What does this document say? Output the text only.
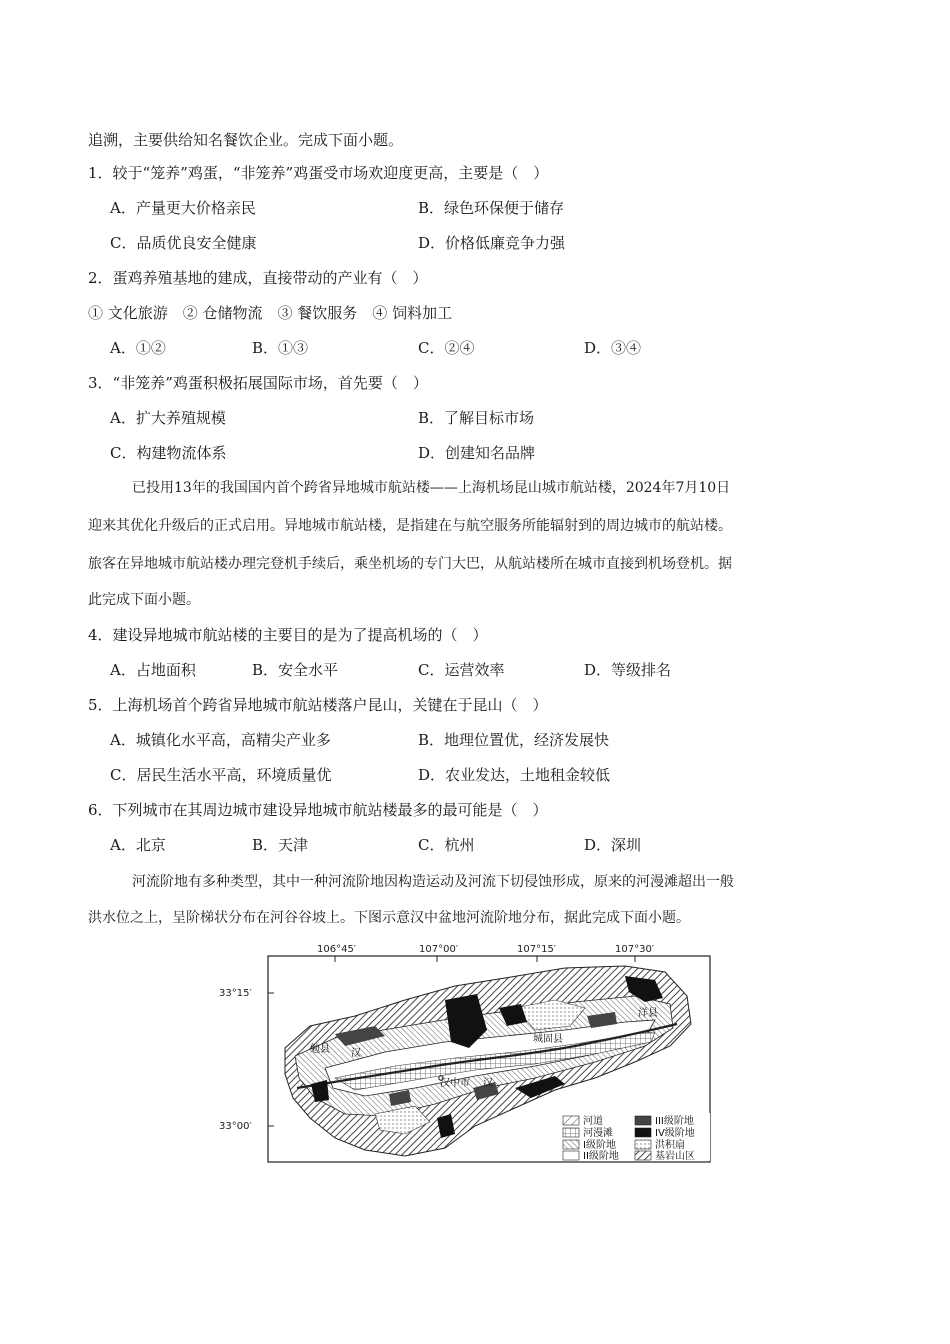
追溯，主要供给知名餐饮企业。完成下面小题。
1．较于“笼养”鸡蛋，“非笼养”鸡蛋受市场欢迎度更高，主要是（　）
A．产量更大价格亲民	B．绿色环保便于储存
C．品质优良安全健康	D．价格低廉竞争力强
2．蛋鸡养殖基地的建成，直接带动的产业有（　）
① 文化旅游　② 仓储物流　③ 餐饮服务　④ 饲料加工
A．①②	B．①③	C．②④	D．③④
3．“非笼养”鸡蛋积极拓展国际市场，首先要（　）
A．扩大养殖规模	B．了解目标市场
C．构建物流体系	D．创建知名品牌
已投用13年的我国国内首个跨省异地城市航站楼——上海机场昆山城市航站楼，2024年7月10日
迎来其优化升级后的正式启用。异地城市航站楼，是指建在与航空服务所能辐射到的周边城市的航站楼。
旅客在异地城市航站楼办理完登机手续后，乘坐机场的专门大巴，从航站楼所在城市直接到机场登机。据
此完成下面小题。
4．建设异地城市航站楼的主要目的是为了提高机场的（　）
A．占地面积	B．安全水平	C．运营效率	D．等级排名
5．上海机场首个跨省异地城市航站楼落户昆山，关键在于昆山（　）
A．城镇化水平高，高精尖产业多	B．地理位置优，经济发展快
C．居民生活水平高，环境质量优	D．农业发达，土地租金较低
6．下列城市在其周边城市建设异地城市航站楼最多的最可能是（　）
A．北京	B．天津	C．杭州	D．深圳
河流阶地有多种类型，其中一种河流阶地因构造运动及河流下切侵蚀形成，原来的河漫滩超出一般
洪水位之上，呈阶梯状分布在河谷谷坡上。下图示意汉中盆地河流阶地分布，据此完成下面小题。
106°45′	107°00′	107°15′	107°30′
33°15′
33°00′
勉县 汉
汉中市 汉
城固县
洋县
河道	III级阶地
河漫滩	IV级阶地
I级阶地	洪积扇
II级阶地	基岩山区
